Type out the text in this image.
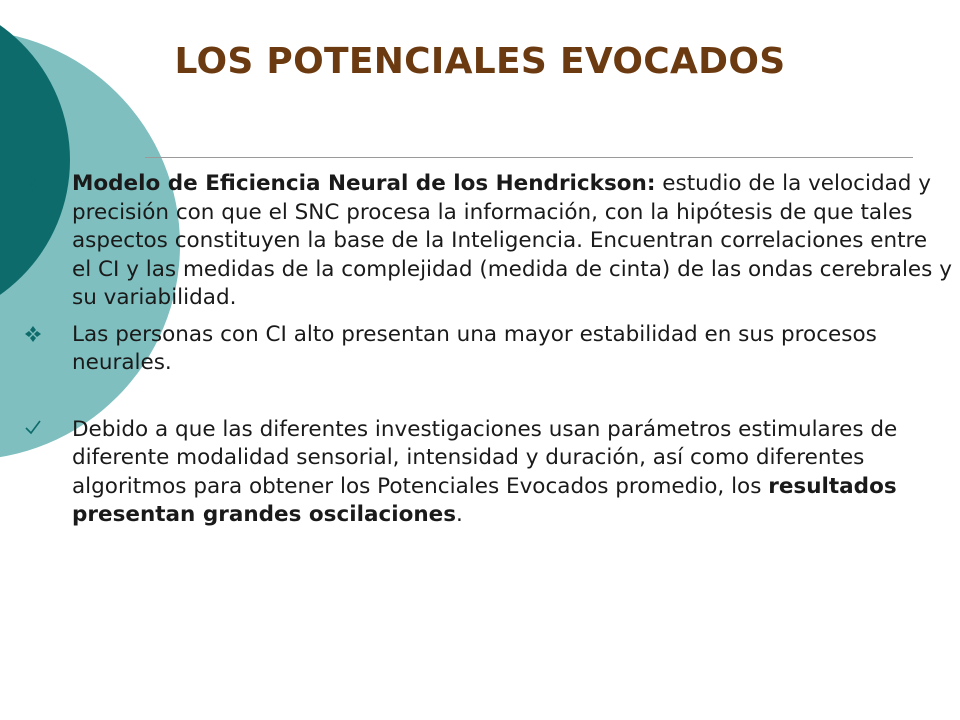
LOS POTENCIALES EVOCADOS

Modelo de Eficiencia Neural de los Hendrickson: estudio de la velocidad y precisión con que el SNC procesa la información, con la hipótesis de que tales aspectos constituyen la base de la Inteligencia. Encuentran correlaciones entre el CI y las medidas de la complejidad (medida de cinta) de las ondas cerebrales y su variabilidad.

Las personas con CI alto presentan una mayor estabilidad en sus procesos neurales.

Debido a que las diferentes investigaciones usan parámetros estimulares de diferente modalidad sensorial, intensidad y duración, así como diferentes algoritmos para obtener los Potenciales Evocados promedio, los resultados presentan grandes oscilaciones.
